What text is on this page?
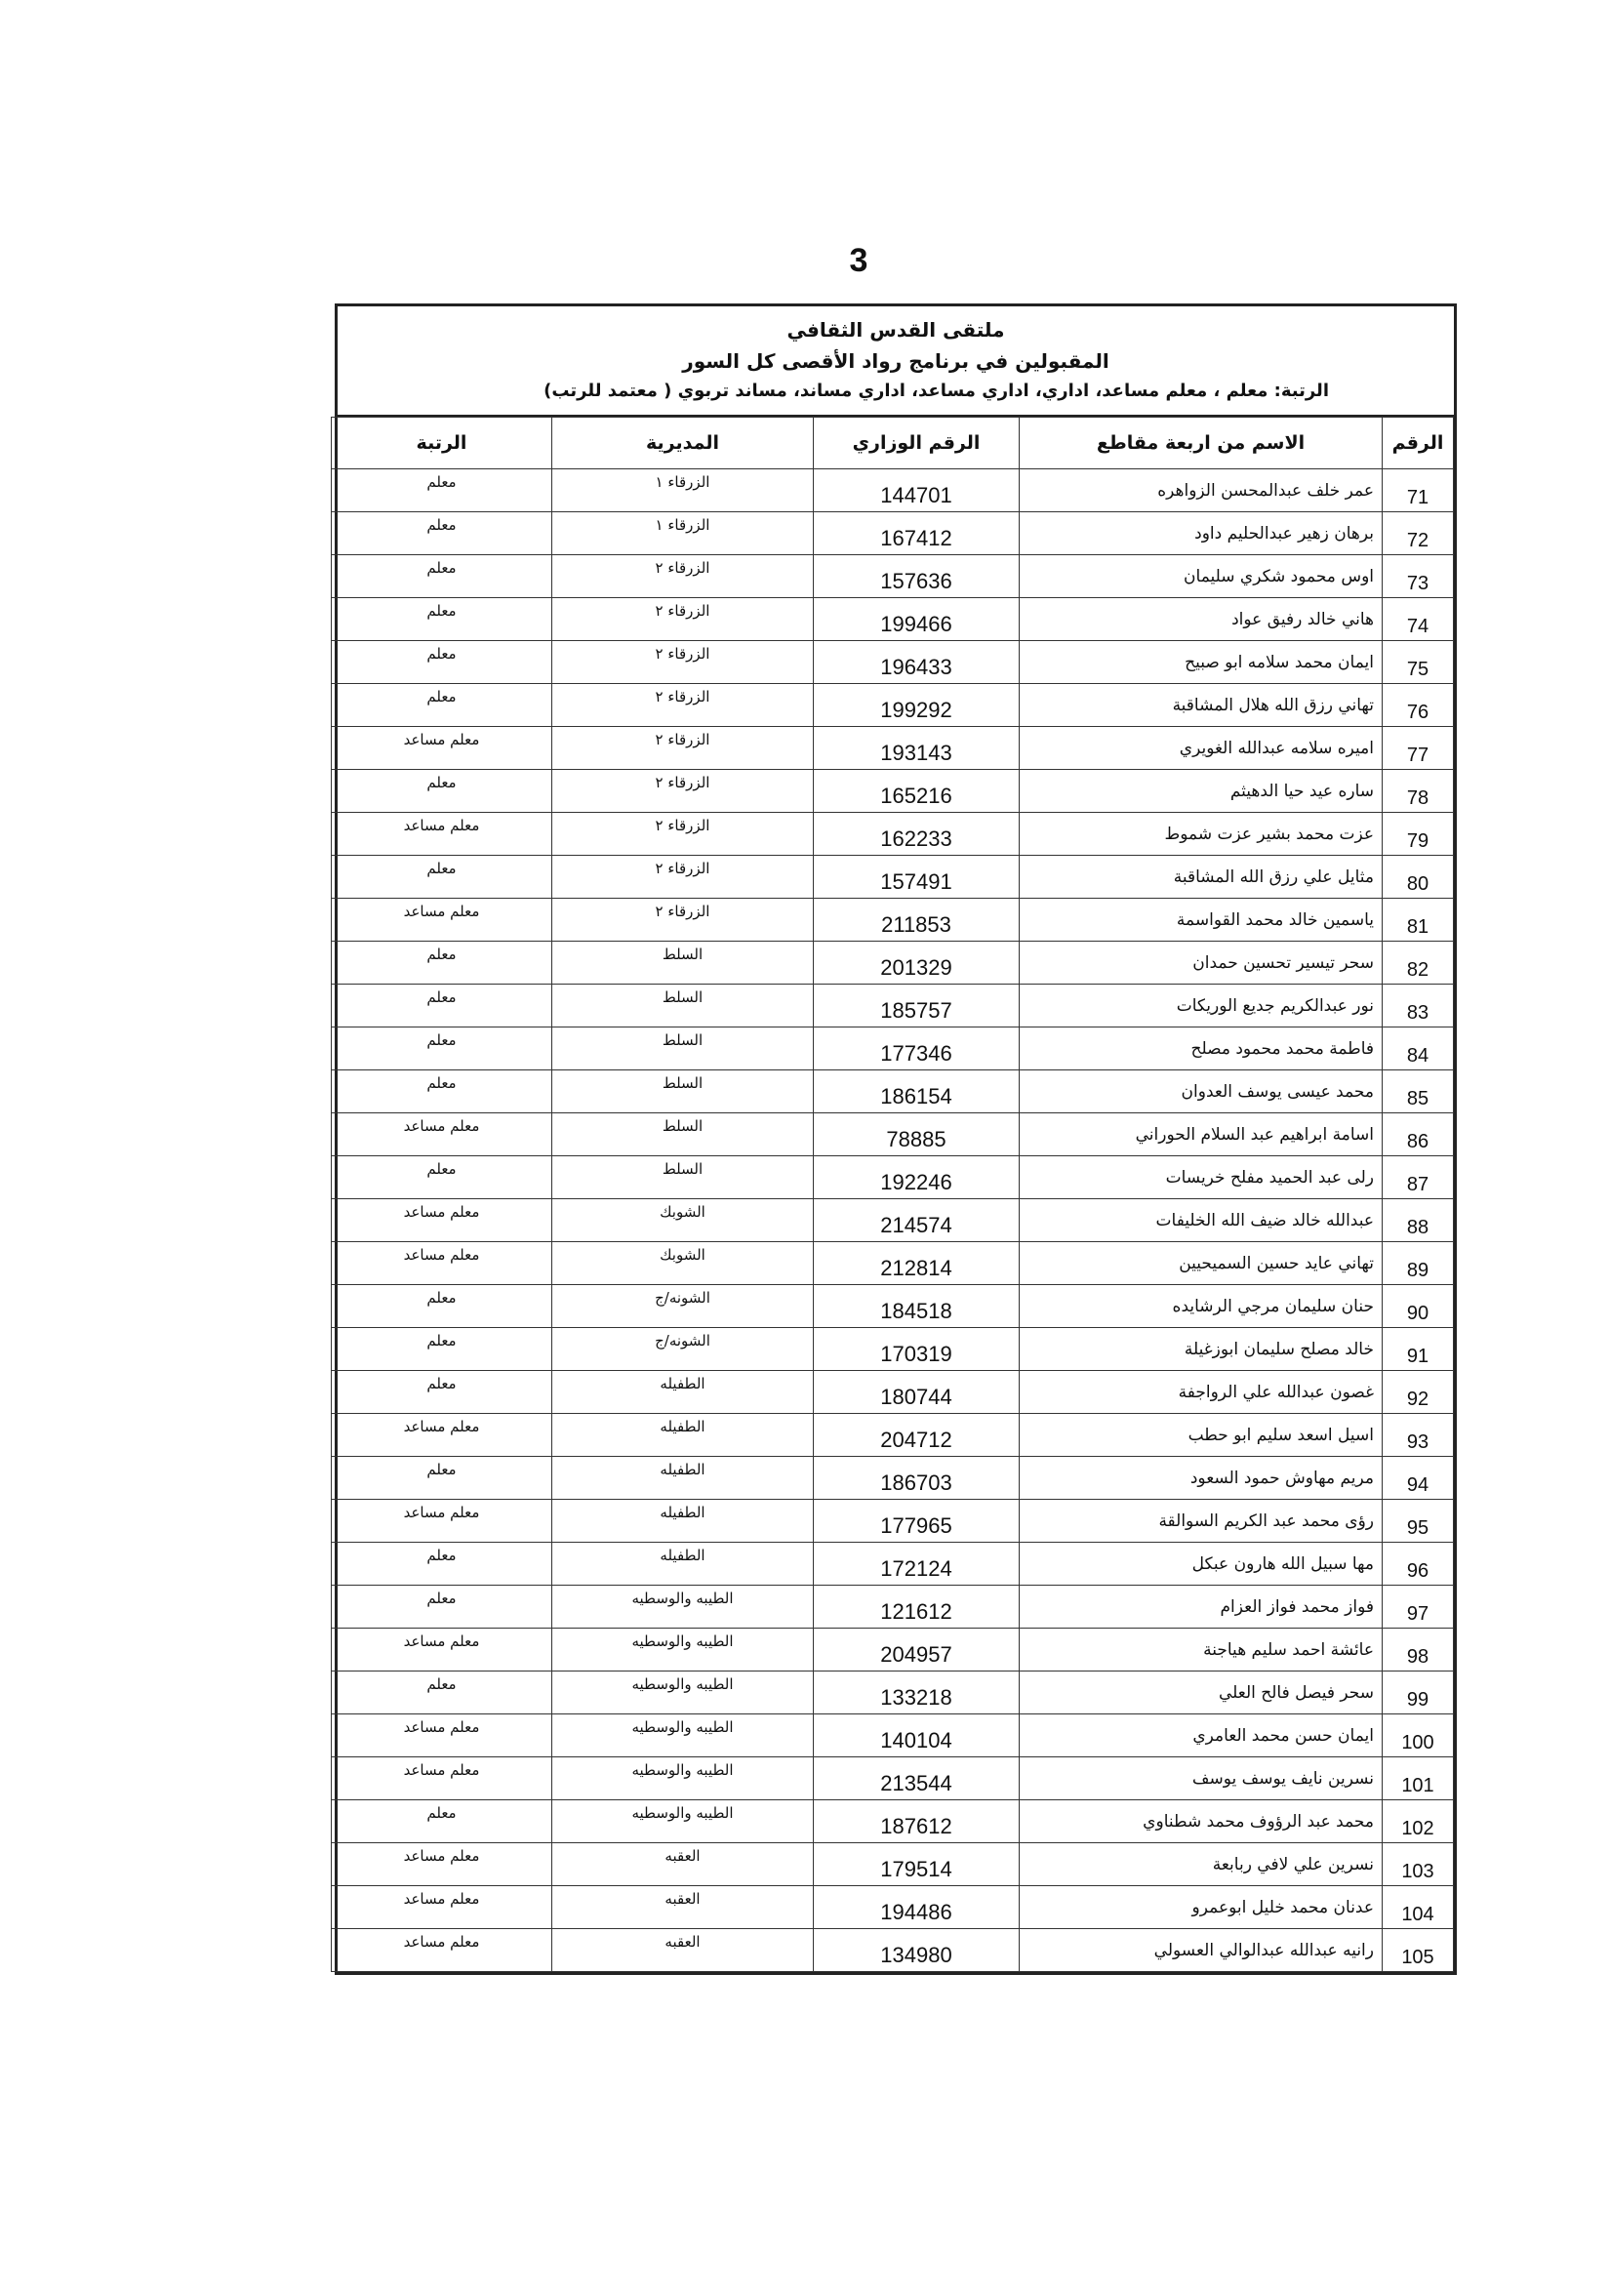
3
ملتقى القدس الثقافي
المقبولين في برنامج رواد الأقصى كل السور
الرتبة: معلم ، معلم مساعد، اداري، اداري مساعد، اداري مساند، مساند تربوي ( معتمد للرتب)
الرقم	الاسم من اربعة مقاطع	الرقم الوزاري	المديرية	الرتبة
71	عمر خلف عبدالمحسن الزواهره	144701	الزرقاء ١	معلم
72	برهان زهير عبدالحليم داود	167412	الزرقاء ١	معلم
73	اوس محمود شكري سليمان	157636	الزرقاء ٢	معلم
74	هاني خالد رفيق عواد	199466	الزرقاء ٢	معلم
75	ايمان محمد سلامه ابو صبيح	196433	الزرقاء ٢	معلم
76	تهاني رزق الله هلال المشاقبة	199292	الزرقاء ٢	معلم
77	اميره سلامه عبدالله الغويري	193143	الزرقاء ٢	معلم مساعد
78	ساره عيد حيا الدهيثم	165216	الزرقاء ٢	معلم
79	عزت محمد بشير عزت شموط	162233	الزرقاء ٢	معلم مساعد
80	مثايل علي رزق الله المشاقبة	157491	الزرقاء ٢	معلم
81	ياسمين خالد محمد القواسمة	211853	الزرقاء ٢	معلم مساعد
82	سحر تيسير تحسين حمدان	201329	السلط	معلم
83	نور عبدالكريم جديع الوريكات	185757	السلط	معلم
84	فاطمة محمد محمود مصلح	177346	السلط	معلم
85	محمد عيسى يوسف العدوان	186154	السلط	معلم
86	اسامة ابراهيم عبد السلام الحوراني	78885	السلط	معلم مساعد
87	رلى عبد الحميد مفلح خريسات	192246	السلط	معلم
88	عبدالله خالد ضيف الله الخليفات	214574	الشوبك	معلم مساعد
89	تهاني عايد حسين السميحيين	212814	الشوبك	معلم مساعد
90	حنان سليمان مرجي الرشايده	184518	الشونه/ج	معلم
91	خالد مصلح سليمان ابوزغيلة	170319	الشونه/ج	معلم
92	غصون عبدالله علي الرواجفة	180744	الطفيله	معلم
93	اسيل اسعد سليم ابو حطب	204712	الطفيله	معلم مساعد
94	مريم مهاوش حمود السعود	186703	الطفيله	معلم
95	رؤى محمد عبد الكريم السوالقة	177965	الطفيله	معلم مساعد
96	مها سبيل الله هارون عبكل	172124	الطفيله	معلم
97	فواز محمد فواز العزام	121612	الطيبه والوسطيه	معلم
98	عائشة احمد سليم هياجنة	204957	الطيبه والوسطيه	معلم مساعد
99	سحر فيصل فالح العلي	133218	الطيبه والوسطيه	معلم
100	ايمان حسن محمد العامري	140104	الطيبه والوسطيه	معلم مساعد
101	نسرين نايف يوسف يوسف	213544	الطيبه والوسطيه	معلم مساعد
102	محمد عبد الرؤوف محمد شطناوي	187612	الطيبه والوسطيه	معلم
103	نسرين علي لافي ربابعة	179514	العقبه	معلم مساعد
104	عدنان محمد خليل ابوعمرو	194486	العقبه	معلم مساعد
105	رانيه عبدالله عبدالوالي العسولي	134980	العقبه	معلم مساعد
